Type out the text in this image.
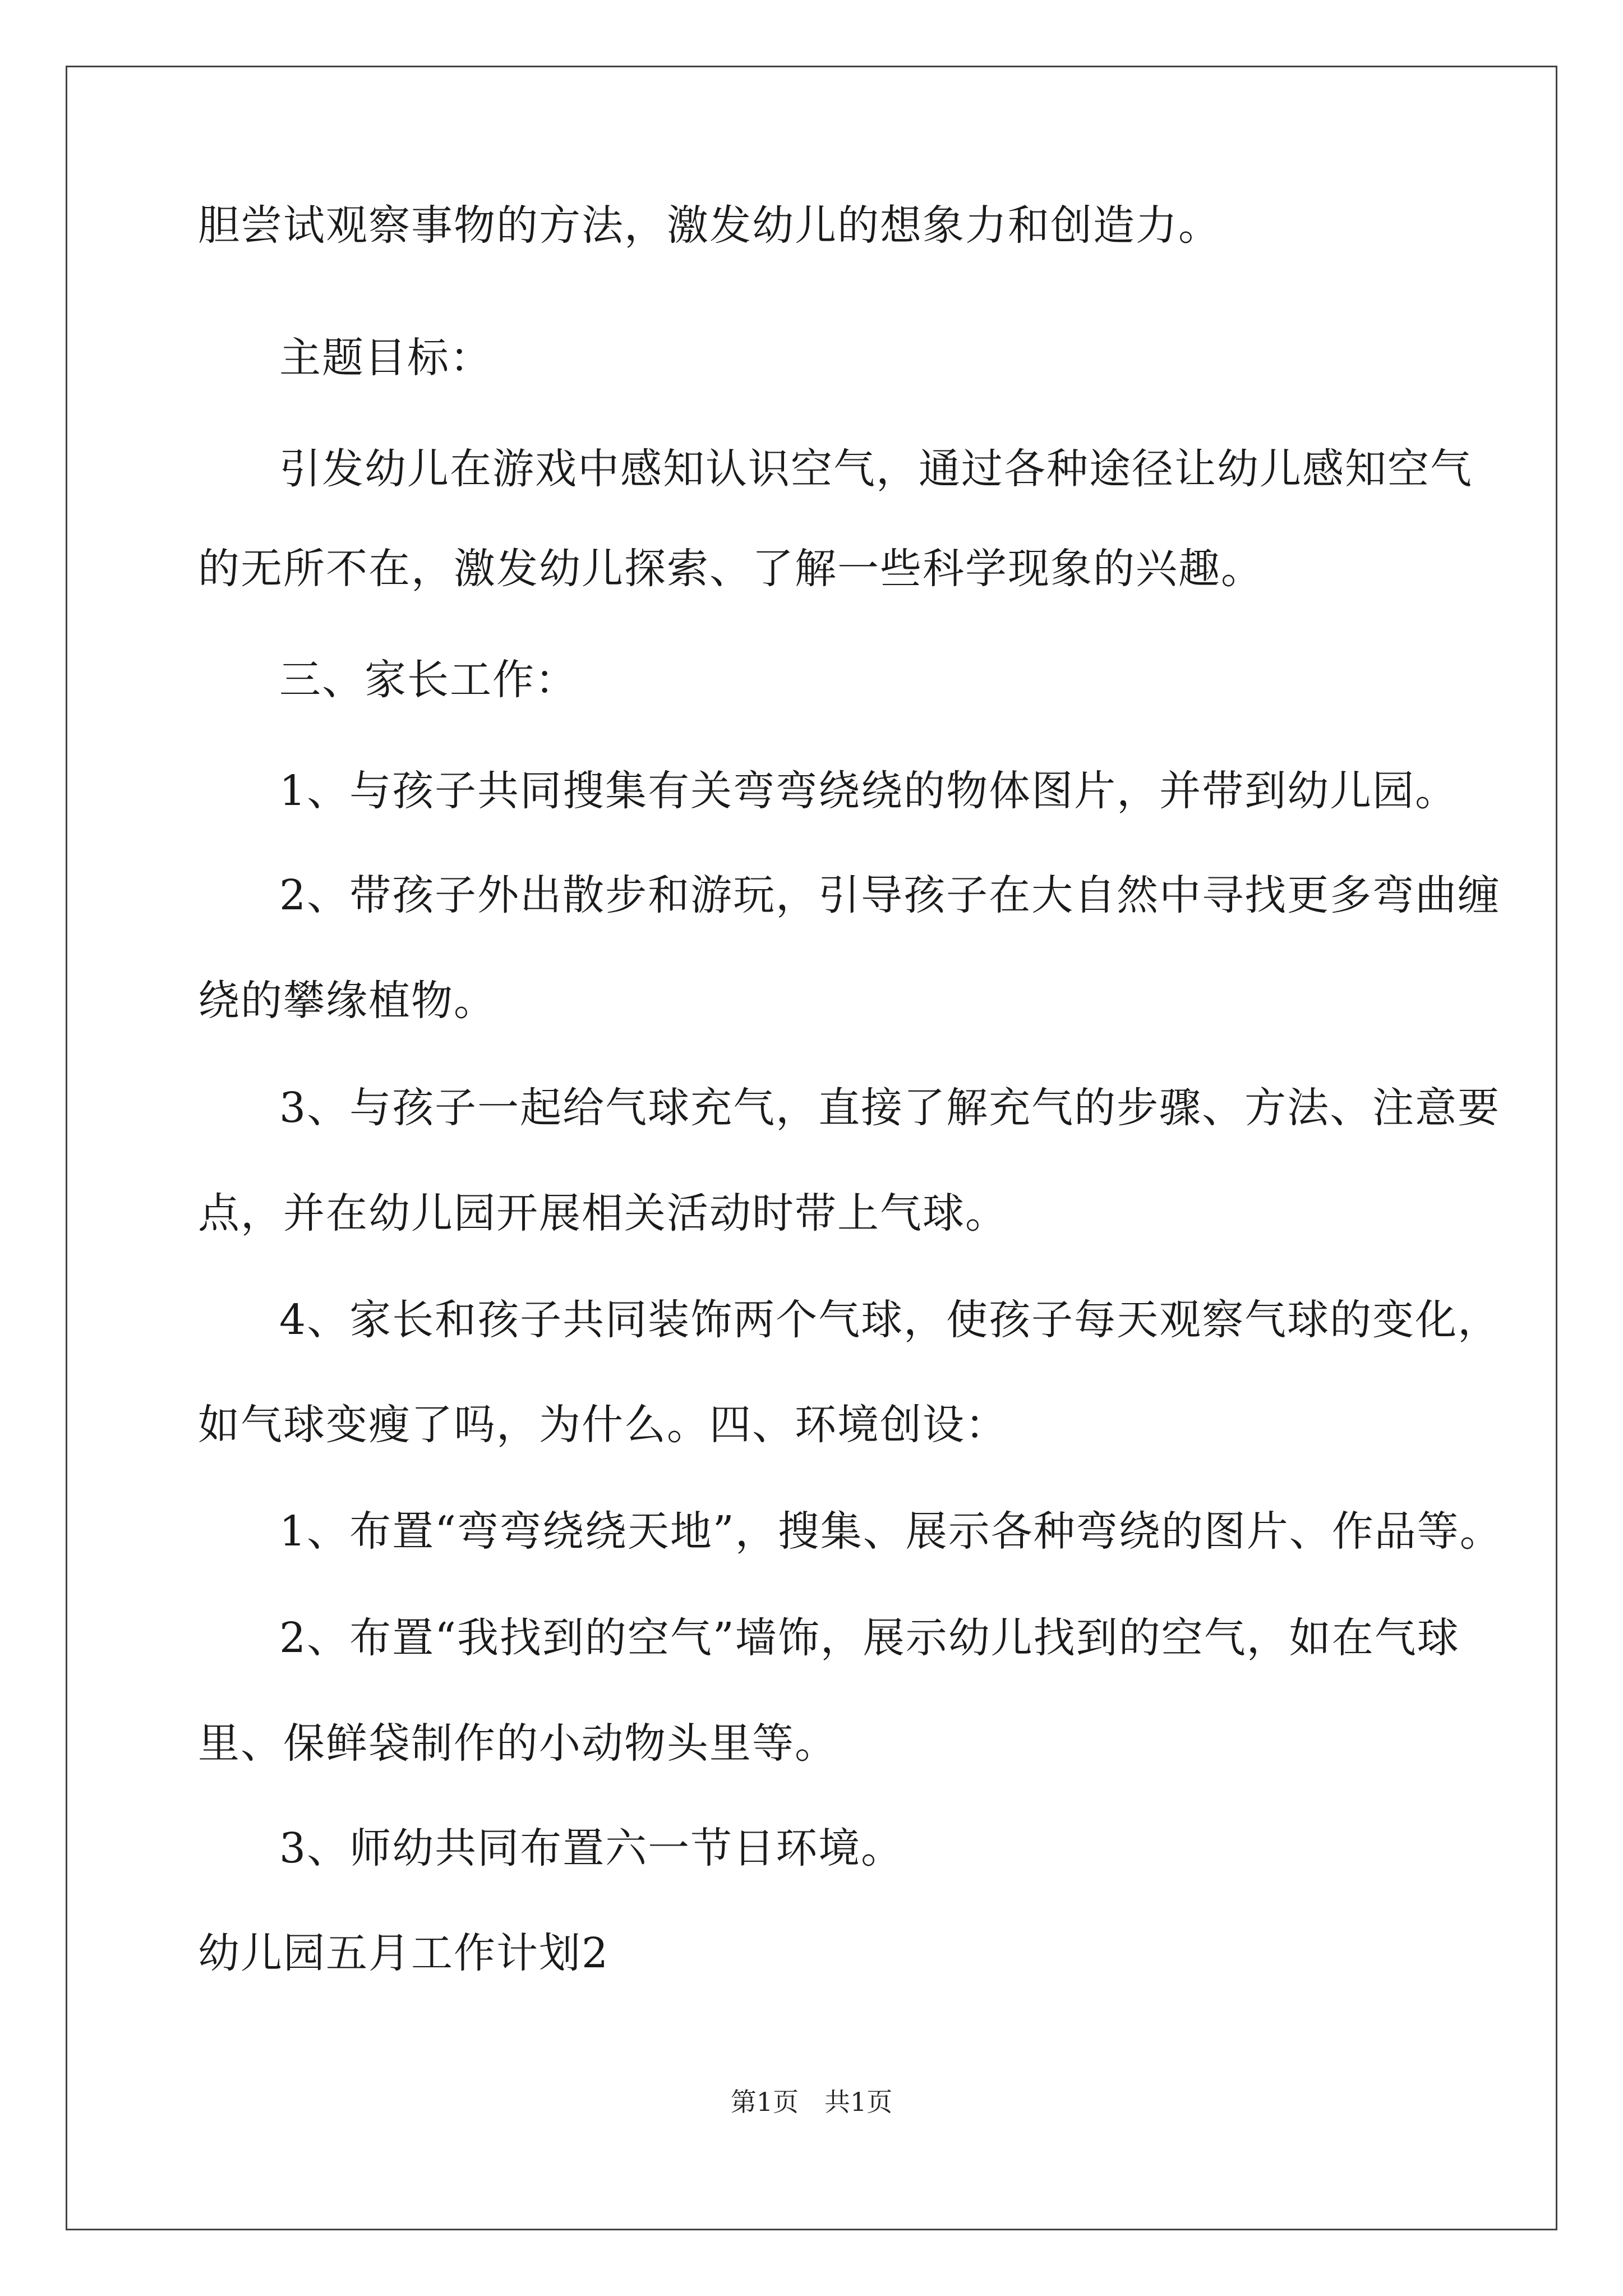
胆尝试观察事物的方法，激发幼儿的想象力和创造力。

主题目标：

引发幼儿在游戏中感知认识空气，通过各种途径让幼儿感知空气

的无所不在，激发幼儿探索、了解一些科学现象的兴趣。

三、家长工作：

1、与孩子共同搜集有关弯弯绕绕的物体图片，并带到幼儿园。

2、带孩子外出散步和游玩，引导孩子在大自然中寻找更多弯曲缠

绕的攀缘植物。

3、与孩子一起给气球充气，直接了解充气的步骤、方法、注意要

点，并在幼儿园开展相关活动时带上气球。

4、家长和孩子共同装饰两个气球，使孩子每天观察气球的变化，

如气球变瘦了吗，为什么。四、环境创设：

1、布置“弯弯绕绕天地”，搜集、展示各种弯绕的图片、作品等。

2、布置“我找到的空气”墙饰，展示幼儿找到的空气，如在气球

里、保鲜袋制作的小动物头里等。

3、师幼共同布置六一节日环境。

幼儿园五月工作计划2

第1页　共1页
